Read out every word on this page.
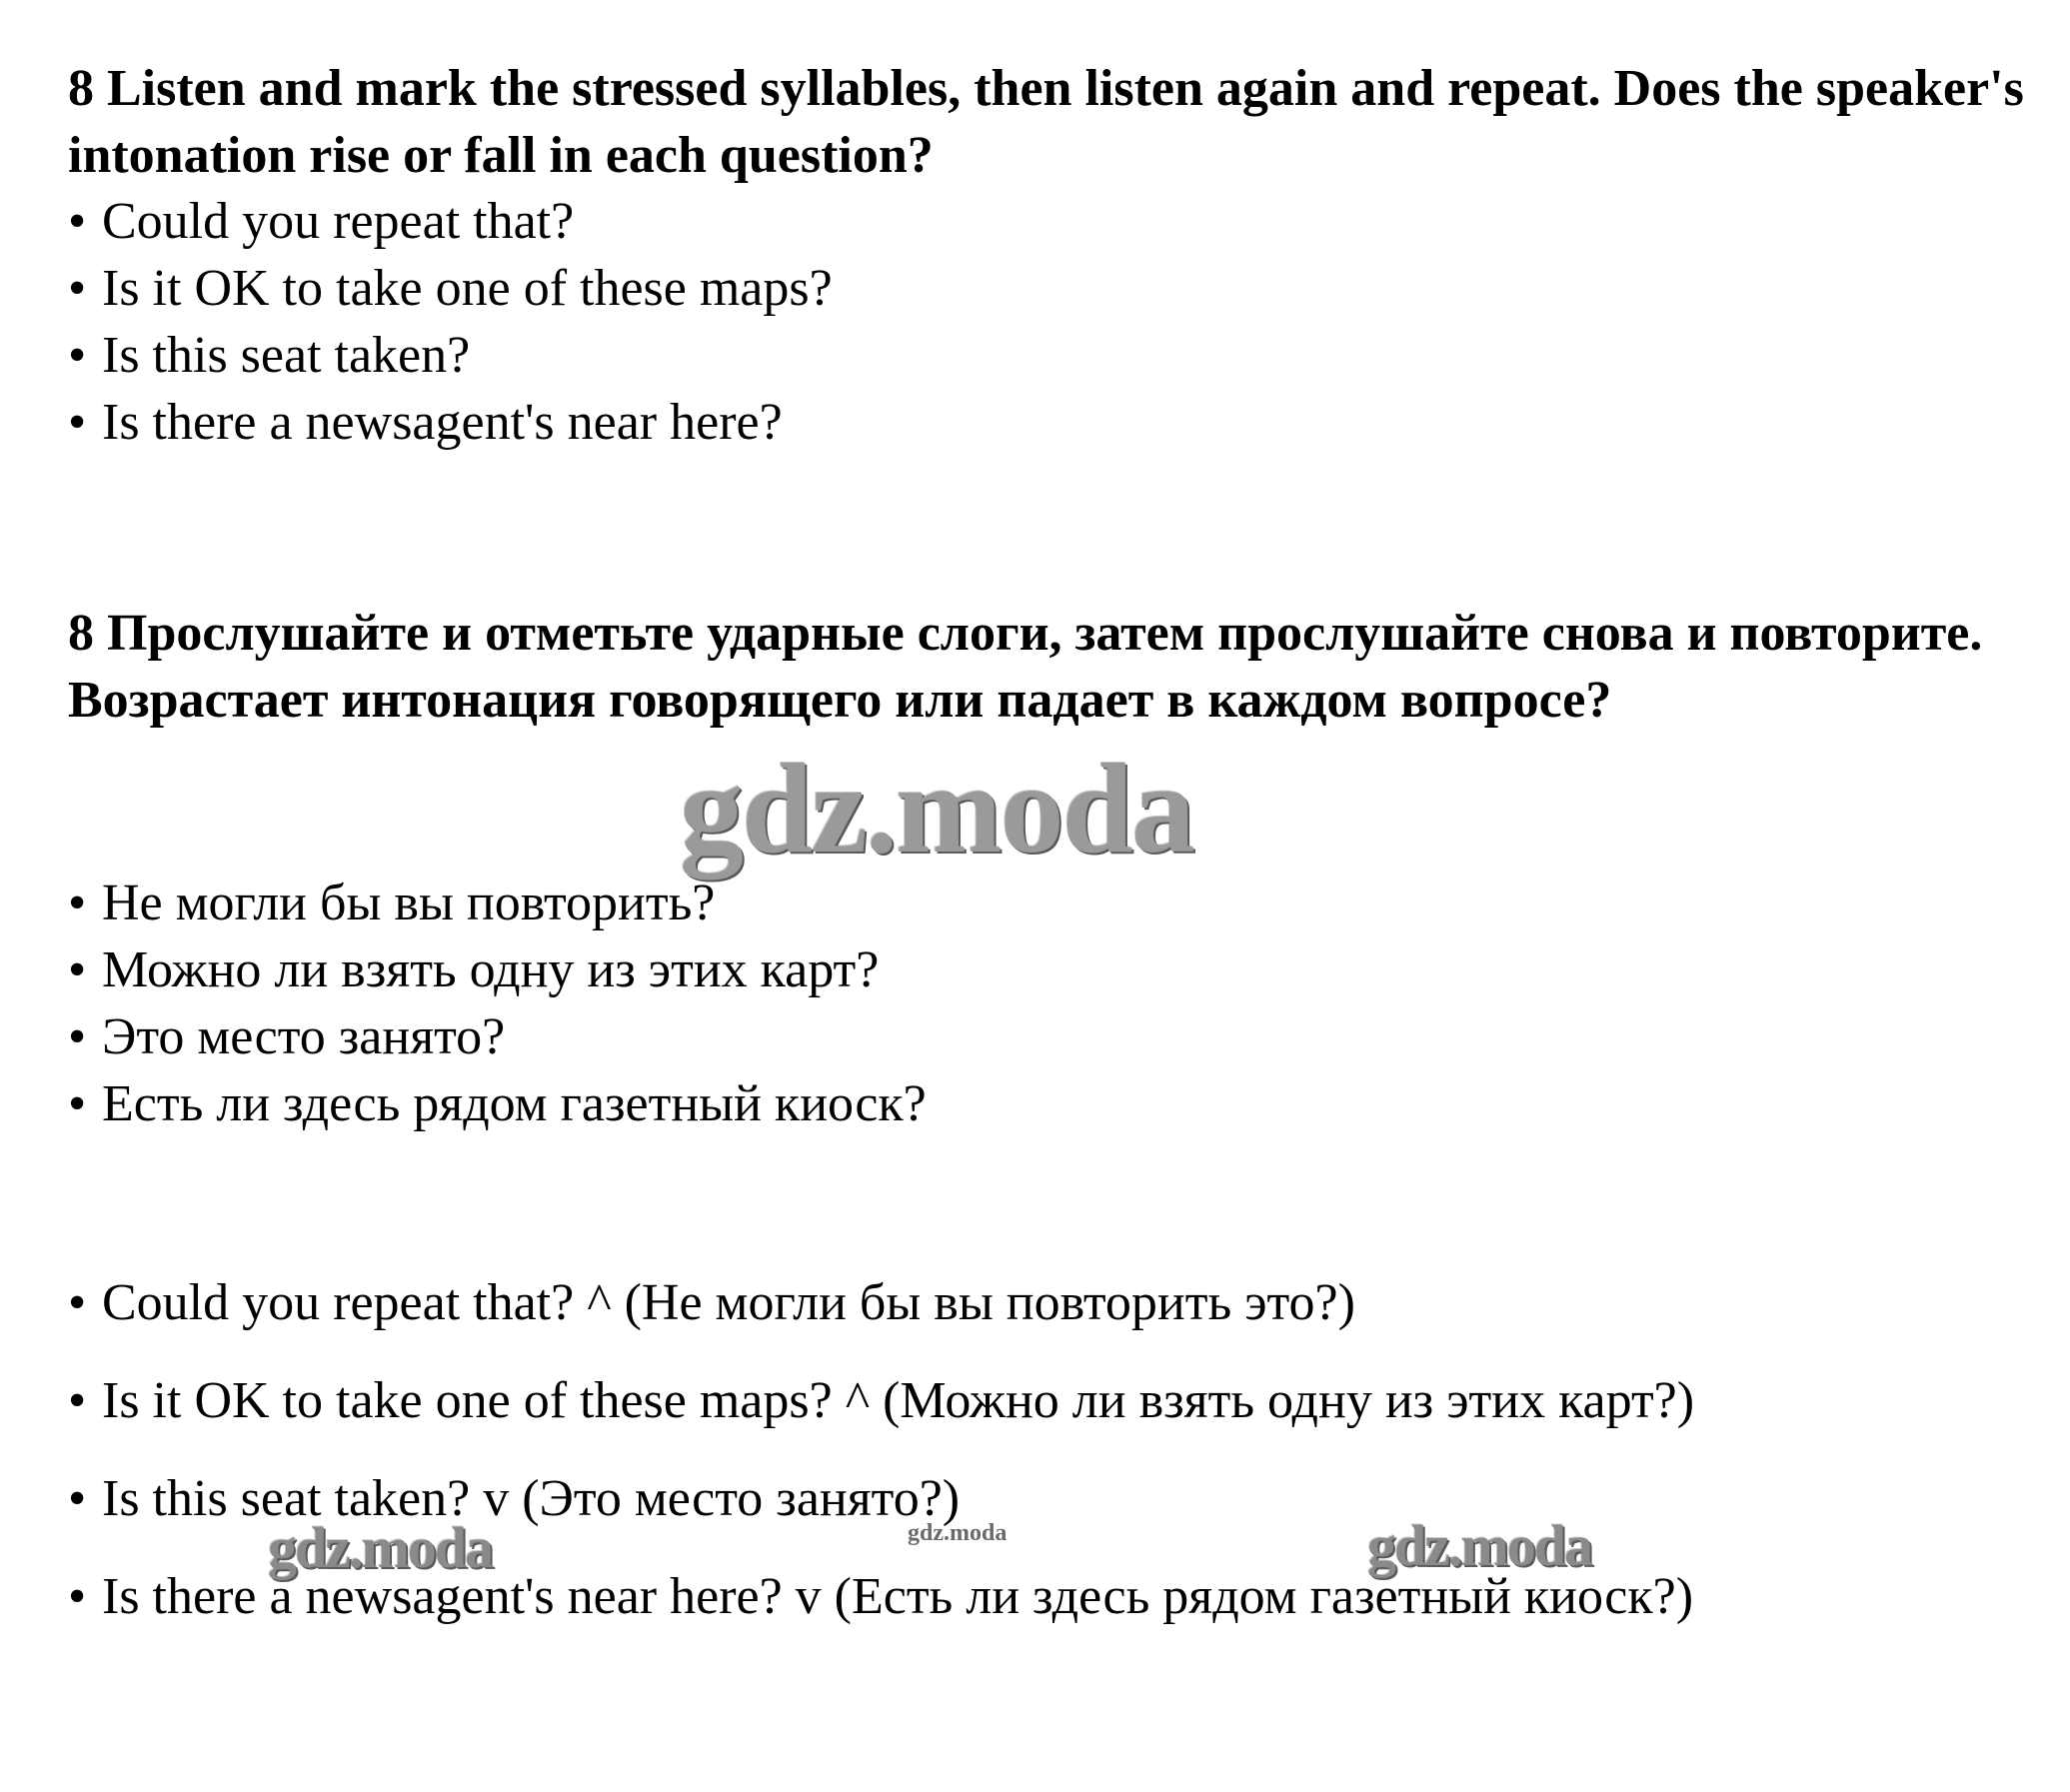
8 Listen and mark the stressed syllables, then listen again and repeat. Does the speaker's intonation rise or fall in each question?

• Could you repeat that?
• Is it OK to take one of these maps?
• Is this seat taken?
• Is there a newsagent's near here?

8 Прослушайте и отметьте ударные слоги, затем прослушайте снова и повторите. Возрастает интонация говорящего или падает в каждом вопросе?

• Не могли бы вы повторить?
• Можно ли взять одну из этих карт?
• Это место занято?
• Есть ли здесь рядом газетный киоск?
• Could you repeat that? ^ (Не могли бы вы повторить это?)
• Is it OK to take one of these maps? ^ (Можно ли взять одну из этих карт?)
• Is this seat taken? v (Это место занято?)
• Is there a newsagent's near here? v (Есть ли здесь рядом газетный киоск?)
gdz.moda
gdz.moda	gdz.moda	gdz.moda
